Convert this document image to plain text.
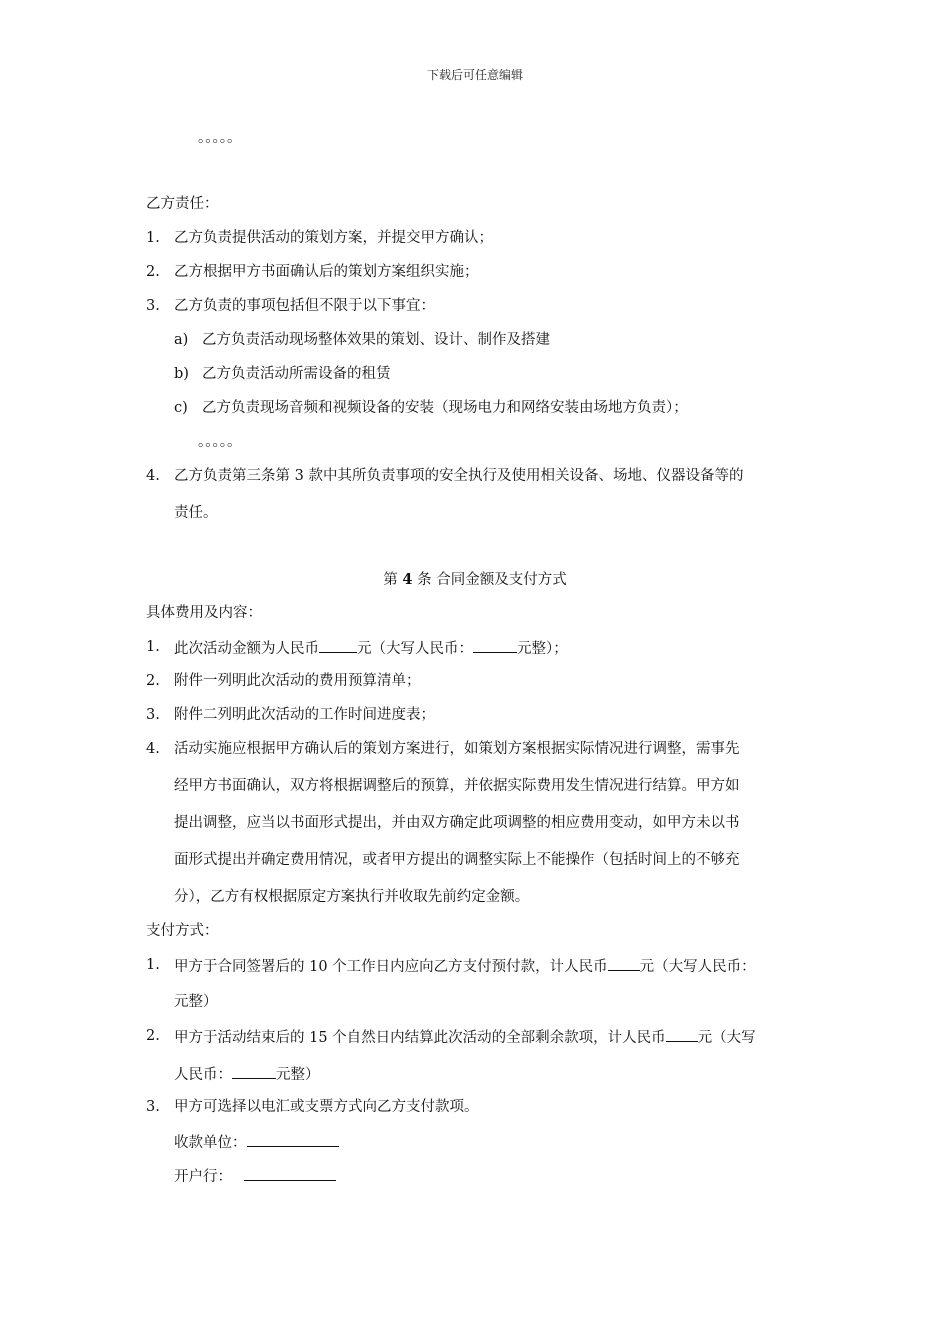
下载后可任意编辑
。。。。。
乙方责任：
1. 乙方负责提供活动的策划方案，并提交甲方确认；
2. 乙方根据甲方书面确认后的策划方案组织实施；
3. 乙方负责的事项包括但不限于以下事宜：
a) 乙方负责活动现场整体效果的策划、设计、制作及搭建
b) 乙方负责活动所需设备的租赁
c) 乙方负责现场音频和视频设备的安装（现场电力和网络安装由场地方负责）；
。。。。。
4. 乙方负责第三条第 3 款中其所负责事项的安全执行及使用相关设备、场地、仪器设备等的
责任。
第 4 条 合同金额及支付方式
具体费用及内容：
1. 此次活动金额为人民币	元（大写人民币：	元整）；
2. 附件一列明此次活动的费用预算清单；
3. 附件二列明此次活动的工作时间进度表；
4. 活动实施应根据甲方确认后的策划方案进行，如策划方案根据实际情况进行调整，需事先
经甲方书面确认，双方将根据调整后的预算，并依据实际费用发生情况进行结算。甲方如
提出调整，应当以书面形式提出，并由双方确定此项调整的相应费用变动，如甲方未以书
面形式提出并确定费用情况，或者甲方提出的调整实际上不能操作（包括时间上的不够充
分），乙方有权根据原定方案执行并收取先前约定金额。
支付方式：
1. 甲方于合同签署后的 10 个工作日内应向乙方支付预付款，计人民币 元（大写人民币：
元整）
2. 甲方于活动结束后的 15 个自然日内结算此次活动的全部剩余款项，计人民币 元（大写
人民币：	元整）
3. 甲方可选择以电汇或支票方式向乙方支付款项。
收款单位：
开户行：
